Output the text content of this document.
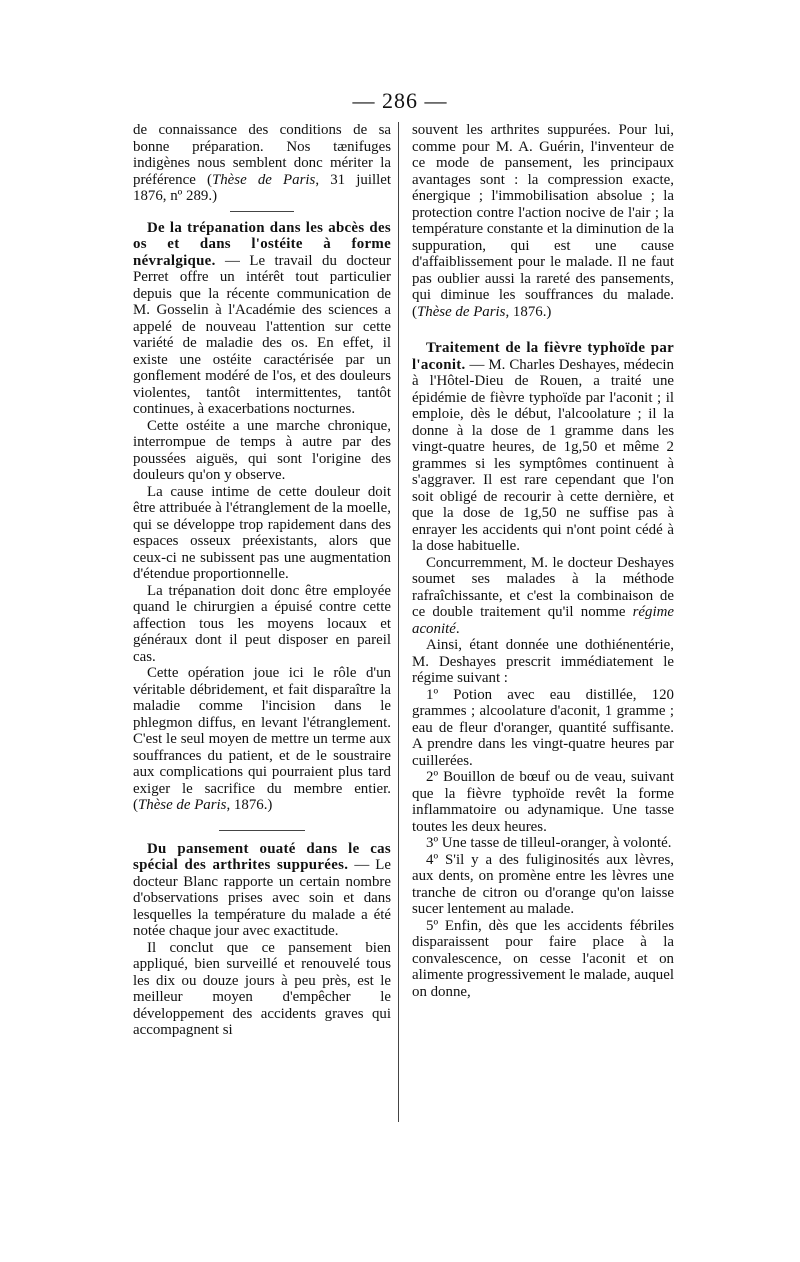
— 286 —

de connaissance des conditions de sa bonne préparation. Nos tænifuges indigènes nous semblent donc mériter la préférence (Thèse de Paris, 31 juillet 1876, nº 289.)

De la trépanation dans les abcès des os et dans l'ostéite à forme névralgique. — Le travail du docteur Perret offre un intérêt tout particulier depuis que la récente communication de M. Gosselin à l'Académie des sciences a appelé de nouveau l'attention sur cette variété de maladie des os. En effet, il existe une ostéite caractérisée par un gonflement modéré de l'os, et des douleurs violentes, tantôt intermittentes, tantôt continues, à exacerbations nocturnes.

Cette ostéite a une marche chronique, interrompue de temps à autre par des poussées aiguës, qui sont l'origine des douleurs qu'on y observe.

La cause intime de cette douleur doit être attribuée à l'étranglement de la moelle, qui se développe trop rapidement dans des espaces osseux préexistants, alors que ceux-ci ne subissent pas une augmentation d'étendue proportionnelle.

La trépanation doit donc être employée quand le chirurgien a épuisé contre cette affection tous les moyens locaux et généraux dont il peut disposer en pareil cas.

Cette opération joue ici le rôle d'un véritable débridement, et fait disparaître la maladie comme l'incision dans le phlegmon diffus, en levant l'étranglement. C'est le seul moyen de mettre un terme aux souffrances du patient, et de le soustraire aux complications qui pourraient plus tard exiger le sacrifice du membre entier. (Thèse de Paris, 1876.)

Du pansement ouaté dans le cas spécial des arthrites suppurées. — Le docteur Blanc rapporte un certain nombre d'observations prises avec soin et dans lesquelles la température du malade a été notée chaque jour avec exactitude.

Il conclut que ce pansement bien appliqué, bien surveillé et renouvelé tous les dix ou douze jours à peu près, est le meilleur moyen d'empêcher le développement des accidents graves qui accompagnent si

souvent les arthrites suppurées. Pour lui, comme pour M. A. Guérin, l'inventeur de ce mode de pansement, les principaux avantages sont : la compression exacte, énergique ; l'immobilisation absolue ; la protection contre l'action nocive de l'air ; la température constante et la diminution de la suppuration, qui est une cause d'affaiblissement pour le malade. Il ne faut pas oublier aussi la rareté des pansements, qui diminue les souffrances du malade. (Thèse de Paris, 1876.)

Traitement de la fièvre typhoïde par l'aconit. — M. Charles Deshayes, médecin à l'Hôtel-Dieu de Rouen, a traité une épidémie de fièvre typhoïde par l'aconit ; il emploie, dès le début, l'alcoolature ; il la donne à la dose de 1 gramme dans les vingt-quatre heures, de 1g,50 et même 2 grammes si les symptômes continuent à s'aggraver. Il est rare cependant que l'on soit obligé de recourir à cette dernière, et que la dose de 1g,50 ne suffise pas à enrayer les accidents qui n'ont point cédé à la dose habituelle.

Concurremment, M. le docteur Deshayes soumet ses malades à la méthode rafraîchissante, et c'est la combinaison de ce double traitement qu'il nomme régime aconité.

Ainsi, étant donnée une dothiénentérie, M. Deshayes prescrit immédiatement le régime suivant :

1º Potion avec eau distillée, 120 grammes ; alcoolature d'aconit, 1 gramme ; eau de fleur d'oranger, quantité suffisante. A prendre dans les vingt-quatre heures par cuillerées.

2º Bouillon de bœuf ou de veau, suivant que la fièvre typhoïde revêt la forme inflammatoire ou adynamique. Une tasse toutes les deux heures.

3º Une tasse de tilleul-oranger, à volonté.

4º S'il y a des fuliginosités aux lèvres, aux dents, on promène entre les lèvres une tranche de citron ou d'orange qu'on laisse sucer lentement au malade.

5º Enfin, dès que les accidents fébriles disparaissent pour faire place à la convalescence, on cesse l'aconit et on alimente progressivement le malade, auquel on donne,
